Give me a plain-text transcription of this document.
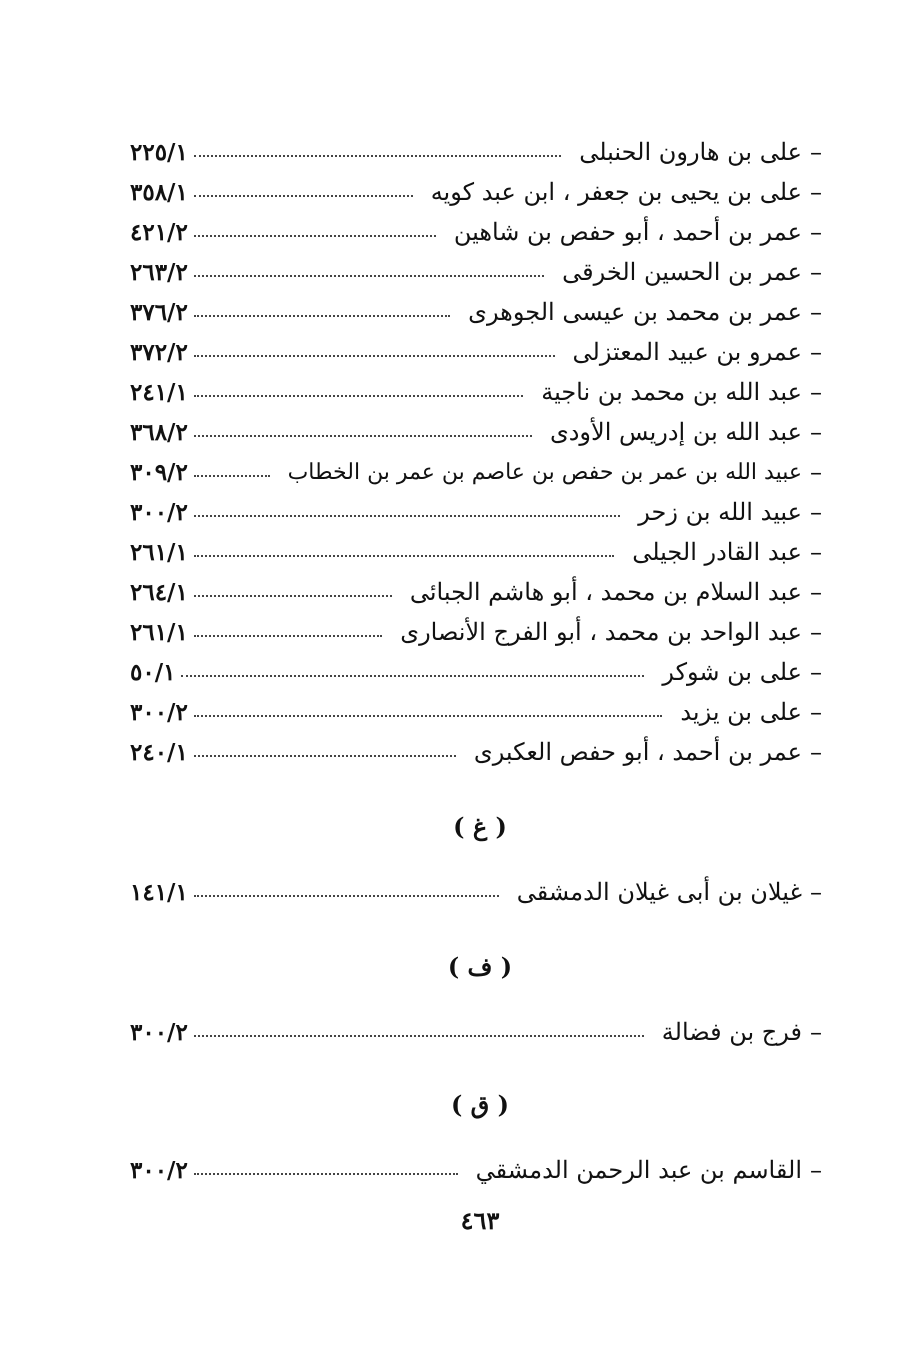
–
على بن هارون الحنبلى
٢٢٥/١
–
على بن يحيى بن جعفر ، ابن عبد كويه
٣٥٨/١
–
عمر بن أحمد ، أبو حفص بن شاهين
٤٢١/٢
–
عمر بن الحسين الخرقى
٢٦٣/٢
–
عمر بن محمد بن عيسى الجوهرى
٣٧٦/٢
–
عمرو بن عبيد المعتزلى
٣٧٢/٢
–
عبد الله بن محمد بن ناجية
٢٤١/١
–
عبد الله بن إدريس الأودى
٣٦٨/٢
–
عبيد الله بن عمر بن حفص بن عاصم بن عمر بن الخطاب
٣٠٩/٢
–
عبيد الله بن زحر
٣٠٠/٢
–
عبد القادر الجيلى
٢٦١/١
–
عبد السلام بن محمد ، أبو هاشم الجبائى
٢٦٤/١
–
عبد الواحد بن محمد ، أبو الفرج الأنصارى
٢٦١/١
–
على بن شوكر
٥٠/١
–
على بن يزيد
٣٠٠/٢
–
عمر بن أحمد ، أبو حفص العكبرى
٢٤٠/١
( غ )
–
غيلان بن أبى غيلان الدمشقى
١٤١/١
( ف )
–
فرج بن فضالة
٣٠٠/٢
( ق )
–
القاسم بن عبد الرحمن الدمشقي
٣٠٠/٢
٤٦٣
